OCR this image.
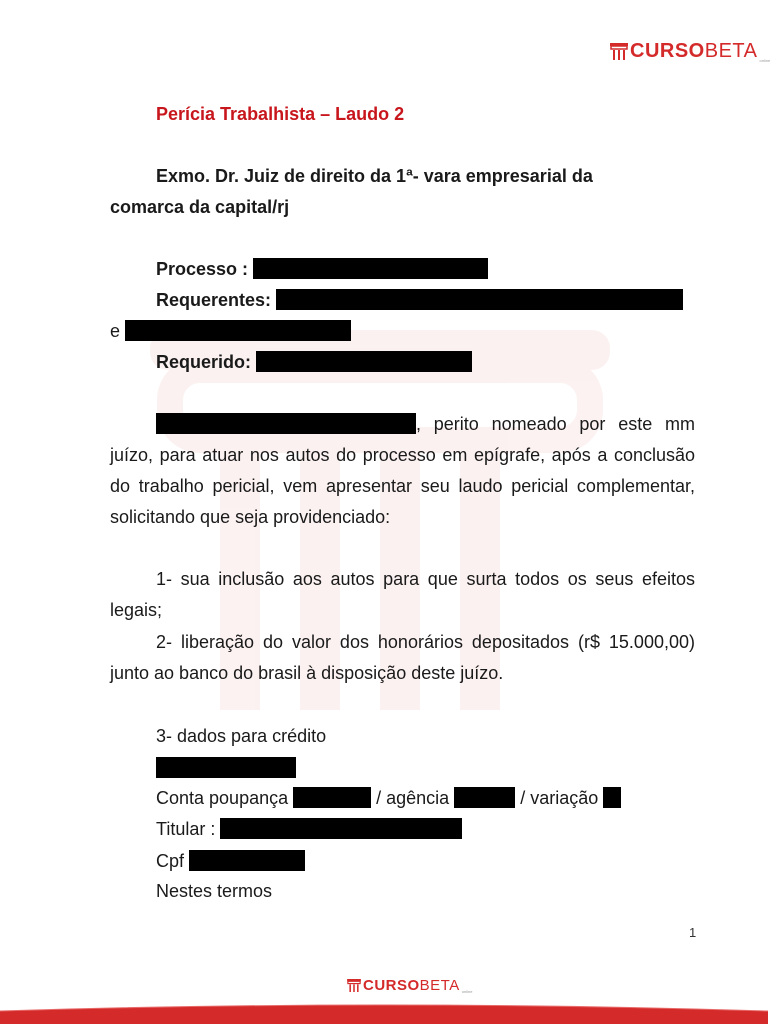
CURSO BETA online
Perícia Trabalhista – Laudo 2
Exmo. Dr. Juiz de direito da 1ª- vara empresarial da
comarca da capital/rj
Processo :
Requerentes:
e
Requerido:
, perito nomeado por este mm juízo, para atuar nos autos do processo em epígrafe, após a conclusão do trabalho pericial, vem apresentar seu laudo pericial complementar, solicitando que seja providenciado:
1- sua inclusão aos autos para que surta todos os seus efeitos legais;
2- liberação do valor dos honorários depositados (r$ 15.000,00) junto ao banco do brasil à disposição deste juízo.
3- dados para crédito
Conta poupança	/ agência	/ variação
Titular :
Cpf
Nestes termos
1
CURSO BETA online
